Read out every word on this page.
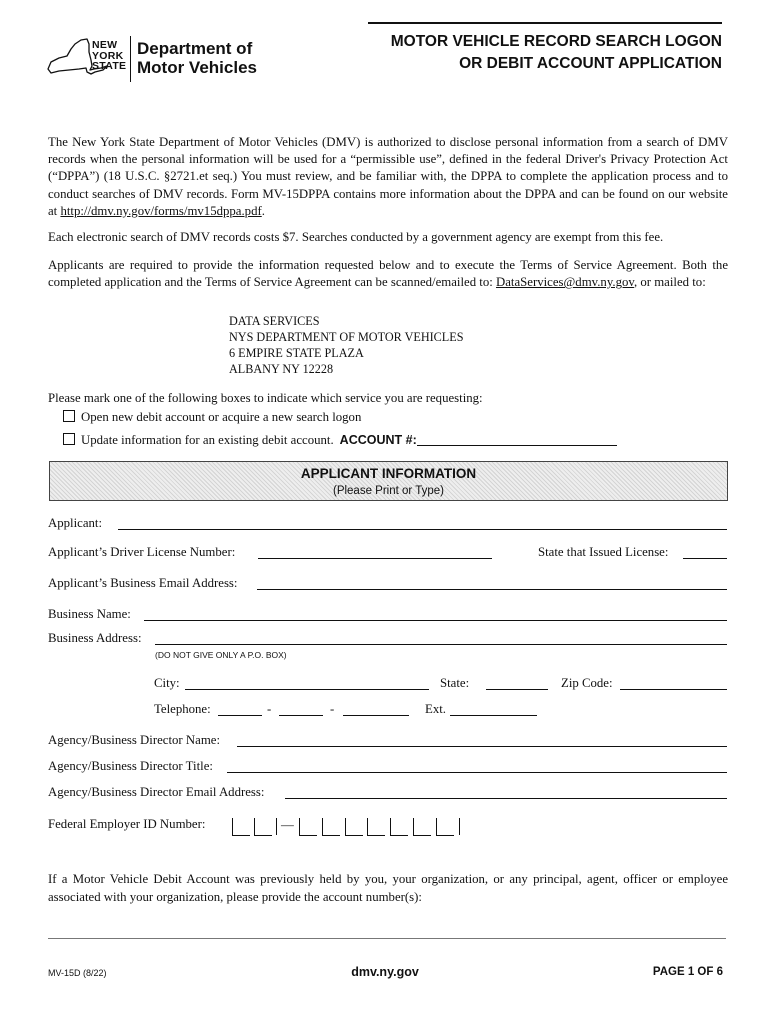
MOTOR VEHICLE RECORD SEARCH LOGON
OR DEBIT ACCOUNT APPLICATION
NEW
YORK
STATE
Department of
Motor Vehicles
The New York State Department of Motor Vehicles (DMV) is authorized to disclose personal information from a search of DMV records when the personal information will be used for a “permissible use”, defined in the federal Driver's Privacy Protection Act (“DPPA”) (18 U.S.C. §2721.et seq.) You must review, and be familiar with, the DPPA to complete the application process and to conduct searches of DMV records. Form MV-15DPPA contains more information about the DPPA and can be found on our website at http://dmv.ny.gov/forms/mv15dppa.pdf.
Each electronic search of DMV records costs $7. Searches conducted by a government agency are exempt from this fee.
Applicants are required to provide the information requested below and to execute the Terms of Service Agreement. Both the completed application and the Terms of Service Agreement can be scanned/emailed to: DataServices@dmv.ny.gov, or mailed to:
DATA SERVICES
NYS DEPARTMENT OF MOTOR VEHICLES
6 EMPIRE STATE PLAZA
ALBANY NY 12228
Please mark one of the following boxes to indicate which service you are requesting:
Open new debit account or acquire a new search logon
Update information for an existing debit account. ACCOUNT #:
APPLICANT INFORMATION
(Please Print or Type)
Applicant:
Applicant’s Driver License Number:	State that Issued License:
Applicant’s Business Email Address:
Business Name:
Business Address:
(DO NOT GIVE ONLY A P.O. BOX)
City:	State:	Zip Code:
Telephone:	-	-	Ext.
Agency/Business Director Name:
Agency/Business Director Title:
Agency/Business Director Email Address:
Federal Employer ID Number:	—
If a Motor Vehicle Debit Account was previously held by you, your organization, or any principal, agent, officer or employee associated with your organization, please provide the account number(s):
MV-15D (8/22)	dmv.ny.gov	PAGE 1 OF 6
